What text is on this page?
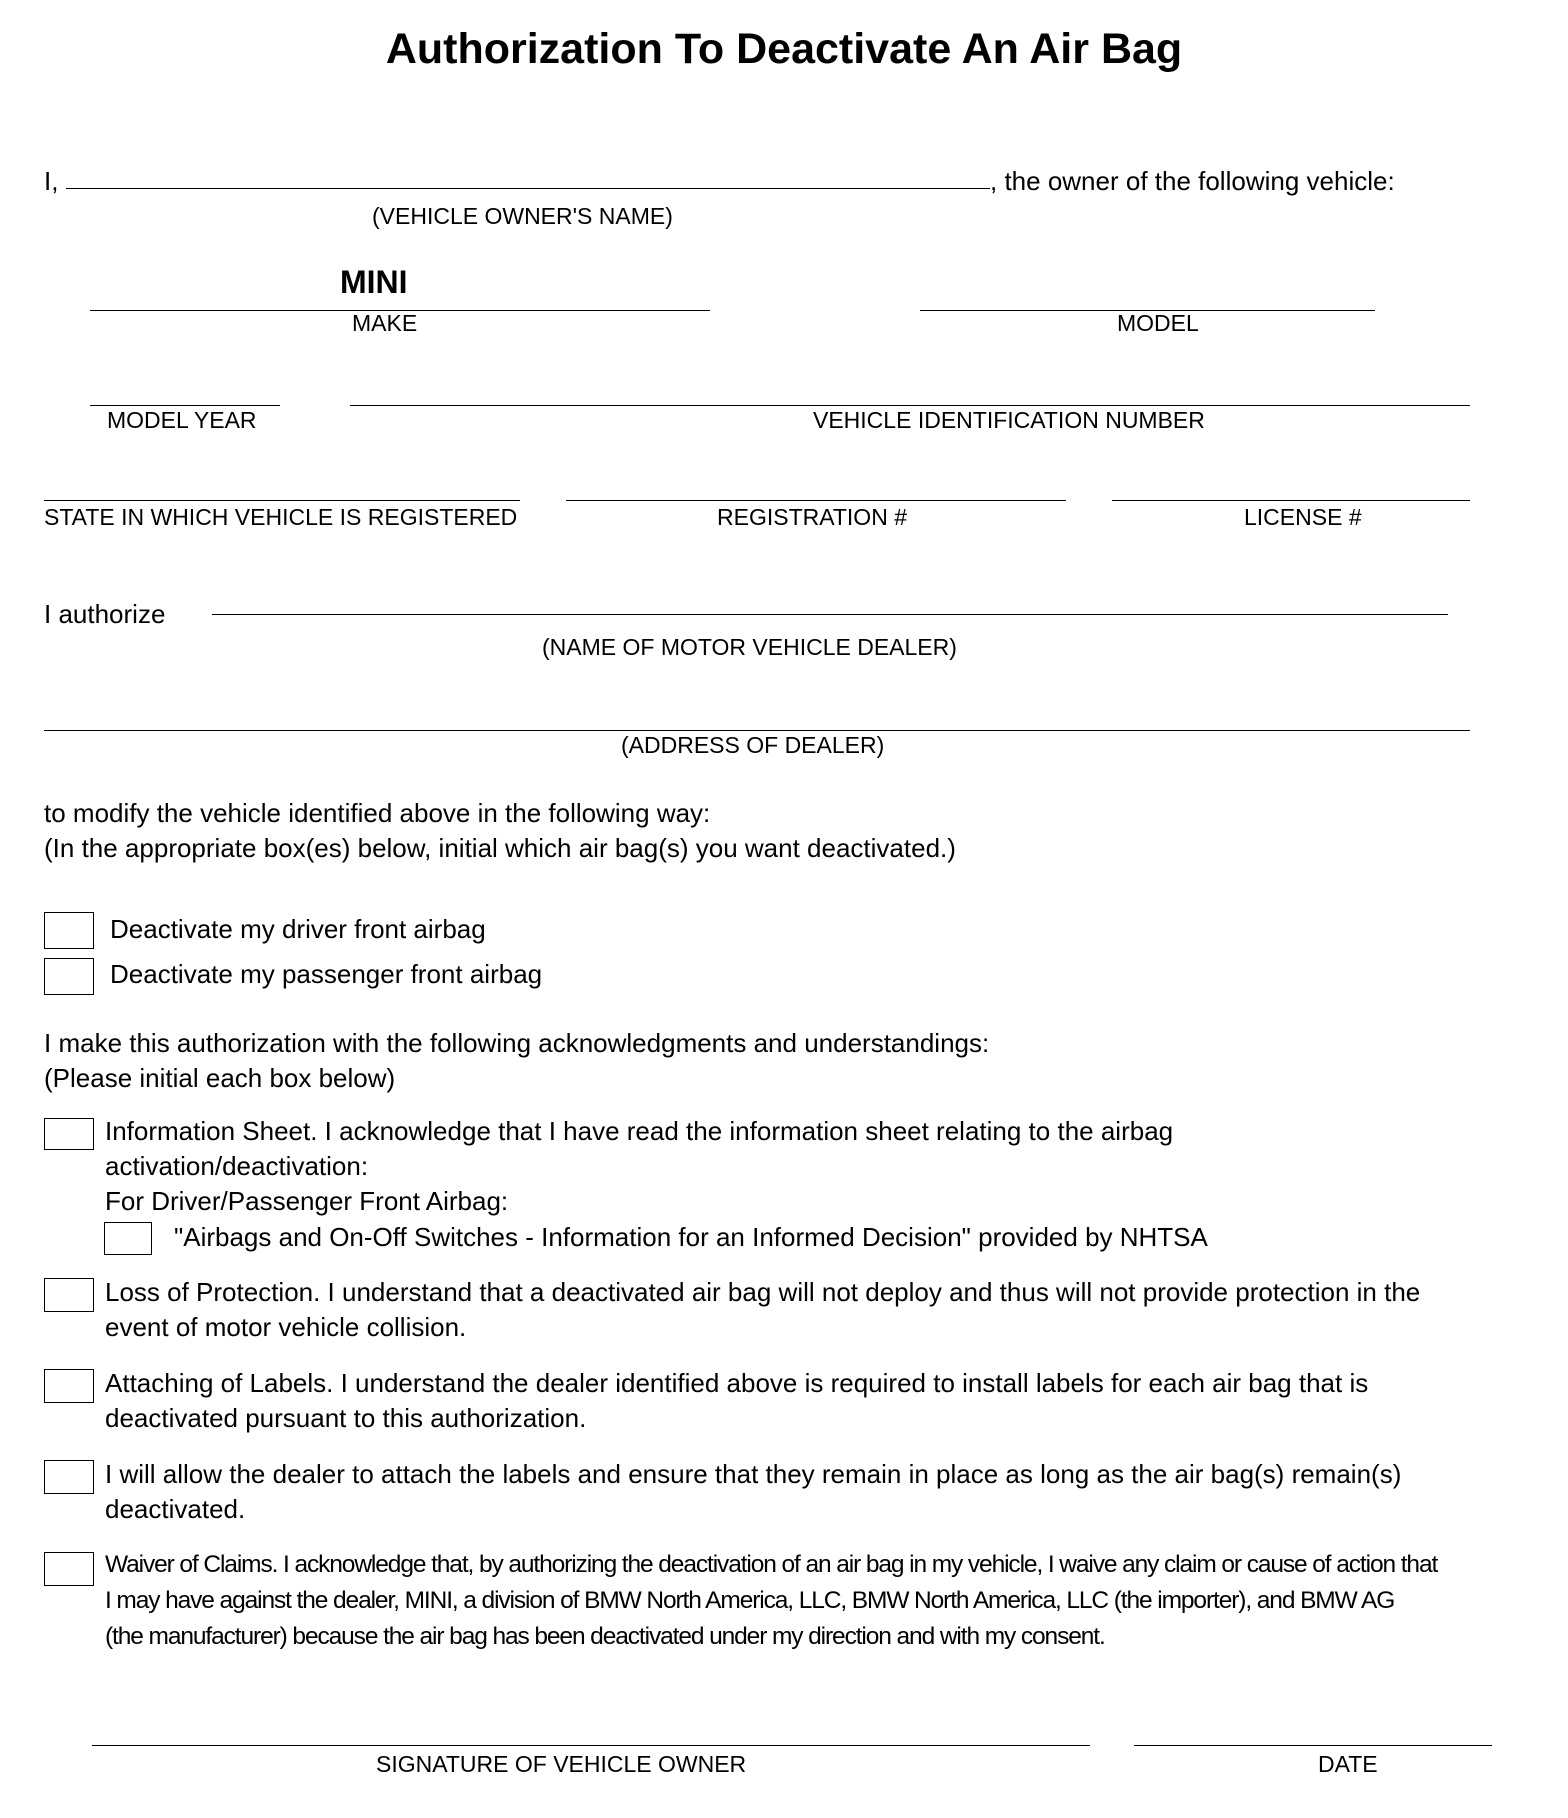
Authorization To Deactivate An Air Bag
I,	, the owner of the following vehicle:
(VEHICLE OWNER'S NAME)
MINI
MAKE	MODEL
MODEL YEAR	VEHICLE IDENTIFICATION NUMBER
STATE IN WHICH VEHICLE IS REGISTERED	REGISTRATION #	LICENSE #
I authorize
(NAME OF MOTOR VEHICLE DEALER)
(ADDRESS OF DEALER)
to modify the vehicle identified above in the following way:
(In the appropriate box(es) below, initial which air bag(s) you want deactivated.)
Deactivate my driver front airbag
Deactivate my passenger front airbag
I make this authorization with the following acknowledgments and understandings:
(Please initial each box below)
Information Sheet. I acknowledge that I have read the information sheet relating to the airbag
activation/deactivation:
For Driver/Passenger Front Airbag:
"Airbags and On-Off Switches - Information for an Informed Decision" provided by NHTSA
Loss of Protection. I understand that a deactivated air bag will not deploy and thus will not provide protection in the
event of motor vehicle collision.
Attaching of Labels. I understand the dealer identified above is required to install labels for each air bag that is
deactivated pursuant to this authorization.
I will allow the dealer to attach the labels and ensure that they remain in place as long as the air bag(s) remain(s)
deactivated.
Waiver of Claims. I acknowledge that, by authorizing the deactivation of an air bag in my vehicle, I waive any claim or cause of action that
I may have against the dealer, MINI, a division of BMW North America, LLC, BMW North America, LLC (the importer), and BMW AG
(the manufacturer) because the air bag has been deactivated under my direction and with my consent.
SIGNATURE OF VEHICLE OWNER	DATE
